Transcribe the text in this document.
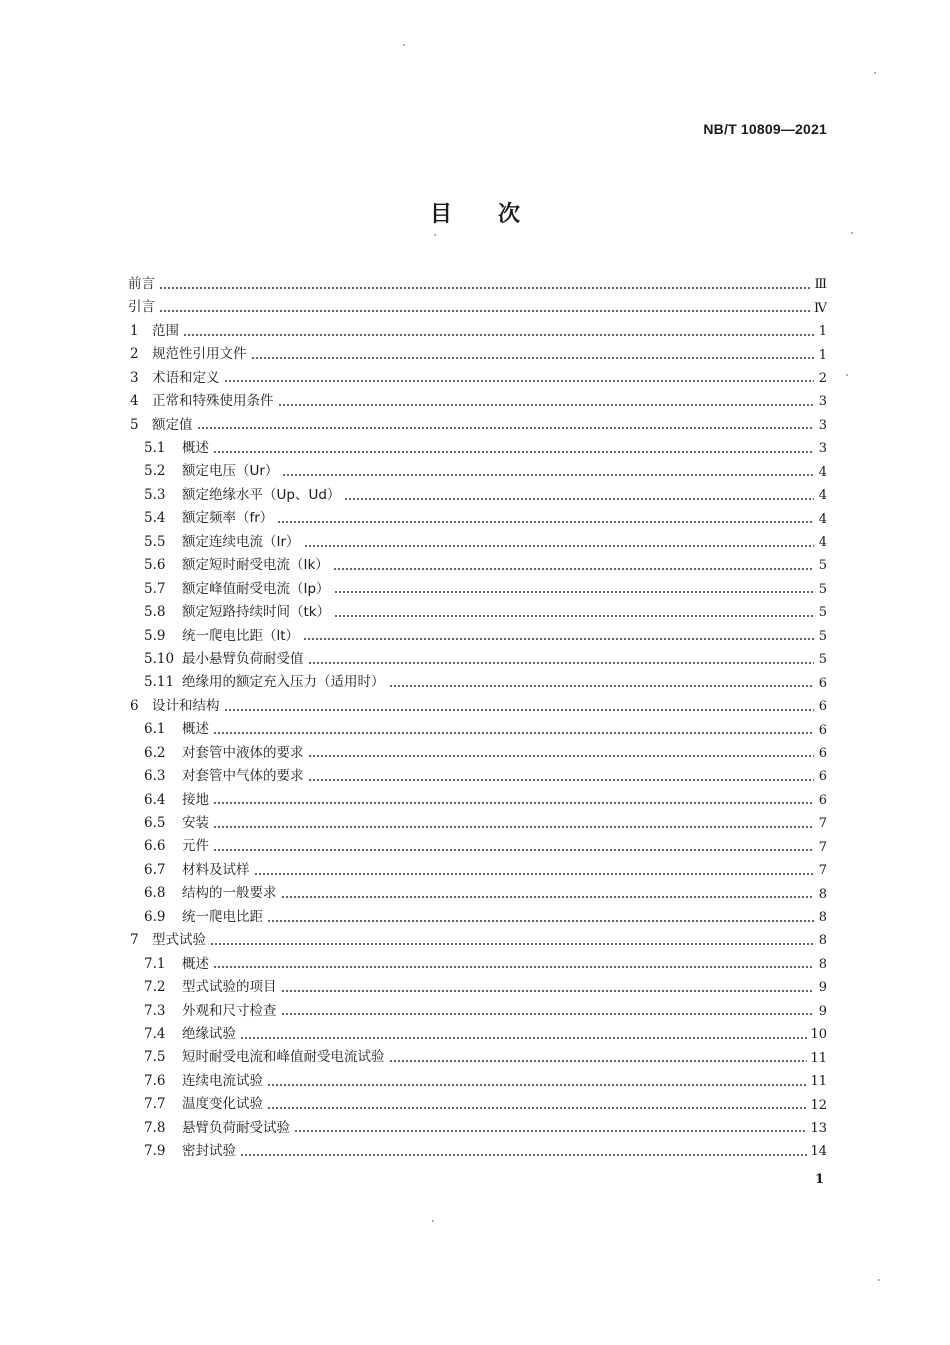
NB/T 10809—2021
目次
前言	Ⅲ
引言	Ⅳ
1 范围	1
2 规范性引用文件	1
3 术语和定义	2
4 正常和特殊使用条件	3
5 额定值	3
5.1	概述	3
5.2	额定电压（Ur）	4
5.3	额定绝缘水平（Up、Ud）	4
5.4	额定频率（fr）	4
5.5	额定连续电流（Ir）	4
5.6	额定短时耐受电流（Ik）	5
5.7	额定峰值耐受电流（Ip）	5
5.8	额定短路持续时间（tk）	5
5.9	统一爬电比距（lt）	5
5.10 最小悬臂负荷耐受值	5
5.11 绝缘用的额定充入压力（适用时）	6
6 设计和结构	6
6.1	概述	6
6.2	对套管中液体的要求	6
6.3	对套管中气体的要求	6
6.4	接地	6
6.5	安装	7
6.6	元件	7
6.7	材料及试样	7
6.8	结构的一般要求	8
6.9	统一爬电比距	8
7 型式试验	8
7.1	概述	8
7.2	型式试验的项目	9
7.3	外观和尺寸检查	9
7.4	绝缘试验	10
7.5	短时耐受电流和峰值耐受电流试验	11
7.6	连续电流试验	11
7.7	温度变化试验	12
7.8	悬臂负荷耐受试验	13
7.9	密封试验	14
1
